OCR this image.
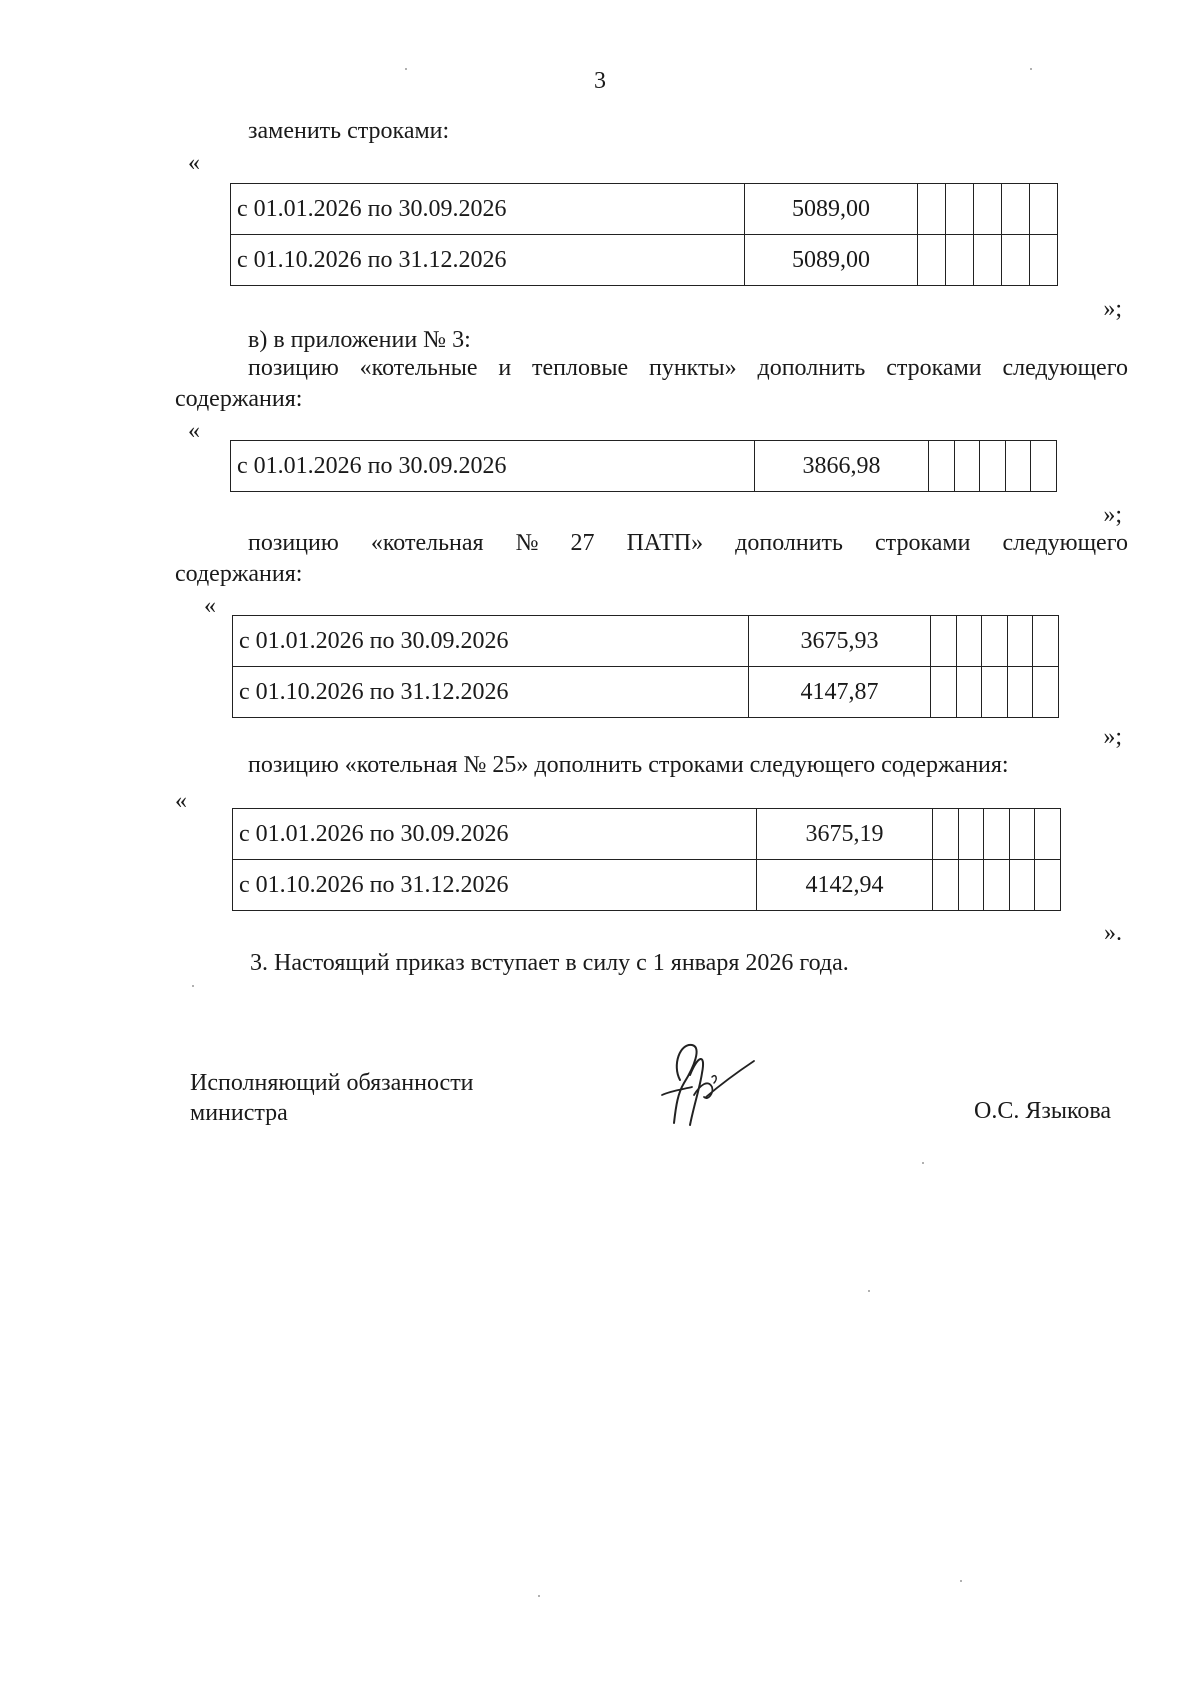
3

заменить строками:

«
с 01.01.2026 по 30.09.2026	5089,00					
с 01.10.2026 по 31.12.2026	5089,00					
»;

в) в приложении № 3:

позицию «котельные и тепловые пункты» дополнить строками следующего

содержания:

«
с 01.01.2026 по 30.09.2026	3866,98					
»;
позицию «котельная № 27 ПАТП» дополнить строками следующего

содержания:

«
с 01.01.2026 по 30.09.2026	3675,93					
с 01.10.2026 по 31.12.2026	4147,87					
»;

позицию «котельная № 25» дополнить строками следующего содержания:

«
с 01.01.2026 по 30.09.2026	3675,19					
с 01.10.2026 по 31.12.2026	4142,94					
».

3. Настоящий приказ вступает в силу с 1 января 2026 года.

Исполняющий обязанности

министра	О.С. Языкова
